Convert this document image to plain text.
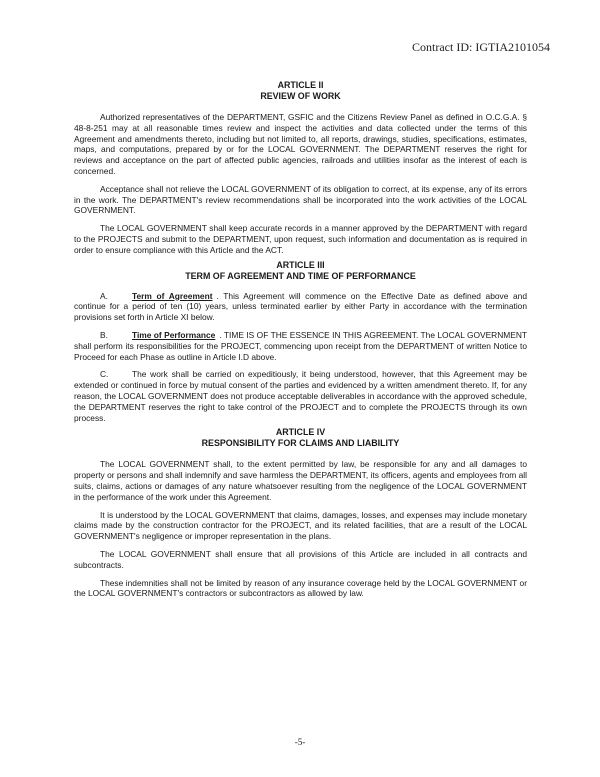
Contract ID: IGTIA2101054
ARTICLE II
REVIEW OF WORK

Authorized representatives of the DEPARTMENT, GSFIC and the Citizens Review Panel as defined in O.C.G.A. § 48-8-251 may at all reasonable times review and inspect the activities and data collected under the terms of this Agreement and amendments thereto, including but not limited to, all reports, drawings, studies, specifications, estimates, maps, and computations, prepared by or for the LOCAL GOVERNMENT. The DEPARTMENT reserves the right for reviews and acceptance on the part of affected public agencies, railroads and utilities insofar as the interest of each is concerned.

Acceptance shall not relieve the LOCAL GOVERNMENT of its obligation to correct, at its expense, any of its errors in the work. The DEPARTMENT's review recommendations shall be incorporated into the work activities of the LOCAL GOVERNMENT.

The LOCAL GOVERNMENT shall keep accurate records in a manner approved by the DEPARTMENT with regard to the PROJECTS and submit to the DEPARTMENT, upon request, such information and documentation as is required in order to ensure compliance with this Article and the ACT.

ARTICLE III
TERM OF AGREEMENT AND TIME OF PERFORMANCE

A.	Term of Agreement . This Agreement will commence on the Effective Date as defined above and continue for a period of ten (10) years, unless terminated earlier by either Party in accordance with the termination provisions set forth in Article XI below.

B.	Time of Performance . TIME IS OF THE ESSENCE IN THIS AGREEMENT. The LOCAL GOVERNMENT shall perform its responsibilities for the PROJECT, commencing upon receipt from the DEPARTMENT of written Notice to Proceed for each Phase as outline in Article I.D above.

C.	The work shall be carried on expeditiously, it being understood, however, that this Agreement may be extended or continued in force by mutual consent of the parties and evidenced by a written amendment thereto. If, for any reason, the LOCAL GOVERNMENT does not produce acceptable deliverables in accordance with the approved schedule, the DEPARTMENT reserves the right to take control of the PROJECT and to complete the PROJECTS through its own process.

ARTICLE IV
RESPONSIBILITY FOR CLAIMS AND LIABILITY

The LOCAL GOVERNMENT shall, to the extent permitted by law, be responsible for any and all damages to property or persons and shall indemnify and save harmless the DEPARTMENT, its officers, agents and employees from all suits, claims, actions or damages of any nature whatsoever resulting from the negligence of the LOCAL GOVERNMENT in the performance of the work under this Agreement.

It is understood by the LOCAL GOVERNMENT that claims, damages, losses, and expenses may include monetary claims made by the construction contractor for the PROJECT, and its related facilities, that are a result of the LOCAL GOVERNMENT's negligence or improper representation in the plans.

The LOCAL GOVERNMENT shall ensure that all provisions of this Article are included in all contracts and subcontracts.

These indemnities shall not be limited by reason of any insurance coverage held by the LOCAL GOVERNMENT or the LOCAL GOVERNMENT's contractors or subcontractors as allowed by law.

-5-
